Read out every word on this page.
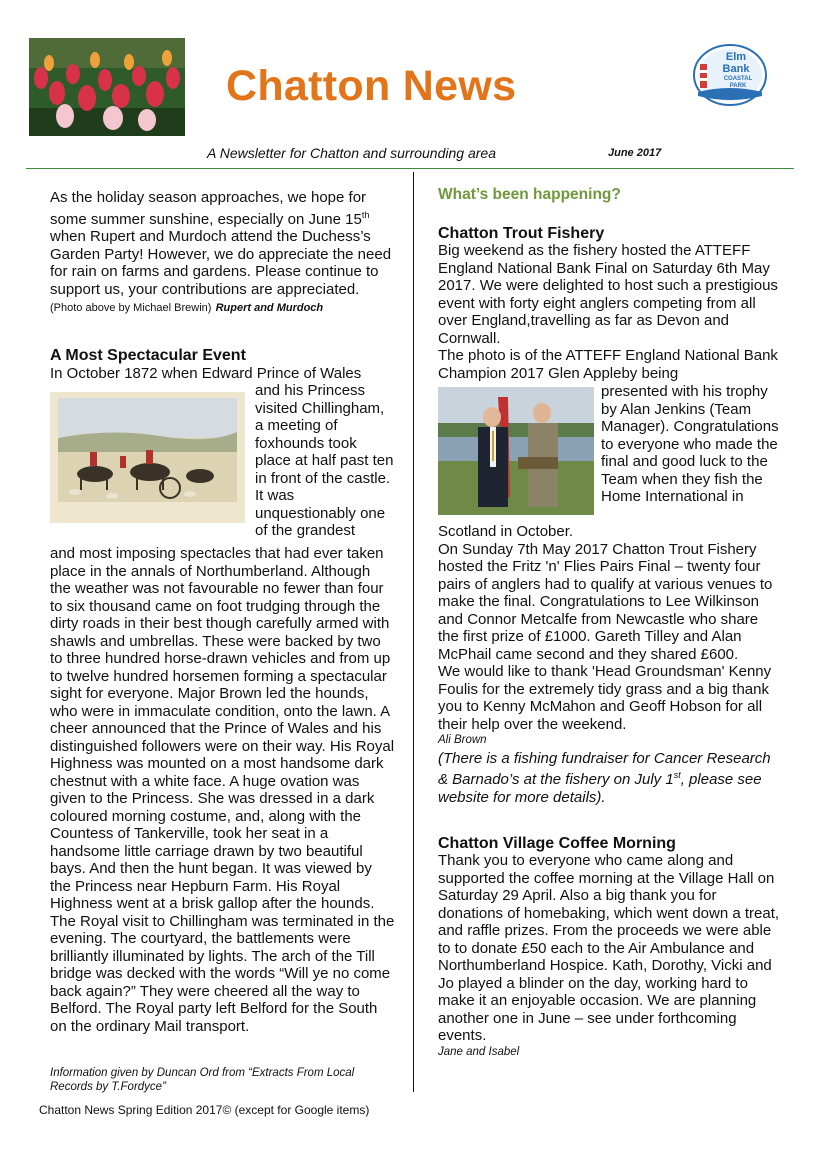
Chatton News
Elm
Bank
COASTAL
PARK
A Newsletter for Chatton and surrounding area	June 2017

As the holiday season approaches, we hope for some summer sunshine, especially on June 15th when Rupert and Murdoch attend the Duchess’s Garden Party! However, we do appreciate the need for rain on farms and gardens. Please continue to support us, your contributions are appreciated. (Photo above by Michael Brewin) Rupert and Murdoch

A Most Spectacular Event

In October 1872 when Edward Prince of Wales

and his Princess visited Chillingham, a meeting of foxhounds took place at half past ten in front of the castle. It was unquestionably one of the grandest

and most imposing spectacles that had ever taken place in the annals of Northumberland. Although the weather was not favourable no fewer than four to six thousand came on foot trudging through the dirty roads in their best though carefully armed with shawls and umbrellas. These were backed by two to three hundred horse-drawn vehicles and from up to twelve hundred horsemen forming a spectacular sight for everyone. Major Brown led the hounds, who were in immaculate condition, onto the lawn. A cheer announced that the Prince of Wales and his distinguished followers were on their way. His Royal Highness was mounted on a most handsome dark chestnut with a white face. A huge ovation was given to the Princess. She was dressed in a dark coloured morning costume, and, along with the Countess of Tankerville, took her seat in a handsome little carriage drawn by two beautiful bays. And then the hunt began. It was viewed by the Princess near Hepburn Farm. His Royal Highness went at a brisk gallop after the hounds. The Royal visit to Chillingham was terminated in the evening. The courtyard, the battlements were brilliantly illuminated by lights. The arch of the Till bridge was decked with the words “Will ye no come back again?” They were cheered all the way to Belford. The Royal party left Belford for the South on the ordinary Mail transport.

Information given by Duncan Ord from “Extracts From Local Records by T.Fordyce”

Chatton News Spring Edition 2017© (except for Google items)
What’s been happening?
Chatton Trout Fishery

Big weekend as the fishery hosted the ATTEFF England National Bank Final on Saturday 6th May 2017. We were delighted to host such a prestigious event with forty eight anglers competing from all over England,travelling as far as Devon and Cornwall.

The photo is of the ATTEFF England National Bank Champion 2017 Glen Appleby being

presented with his trophy by Alan Jenkins (Team Manager). Congratulations to everyone who made the final and good luck to the Team when they fish the Home International in

Scotland in October.

On Sunday 7th May 2017 Chatton Trout Fishery hosted the Fritz 'n' Flies Pairs Final – twenty four pairs of anglers had to qualify at various venues to make the final. Congratulations to Lee Wilkinson and Connor Metcalfe from Newcastle who share the first prize of £1000. Gareth Tilley and Alan McPhail came second and they shared £600.

We would like to thank 'Head Groundsman' Kenny Foulis for the extremely tidy grass and a big thank you to Kenny McMahon and Geoff Hobson for all their help over the weekend.

Ali Brown

(There is a fishing fundraiser for Cancer Research & Barnado’s at the fishery on July 1st, please see website for more details).

Chatton Village Coffee Morning

Thank you to everyone who came along and supported the coffee morning at the Village Hall on Saturday 29 April. Also a big thank you for donations of homebaking, which went down a treat, and raffle prizes. From the proceeds we were able to to donate £50 each to the Air Ambulance and Northumberland Hospice. Kath, Dorothy, Vicki and Jo played a blinder on the day, working hard to make it an enjoyable occasion. We are planning another one in June – see under forthcoming events.

Jane and Isabel
